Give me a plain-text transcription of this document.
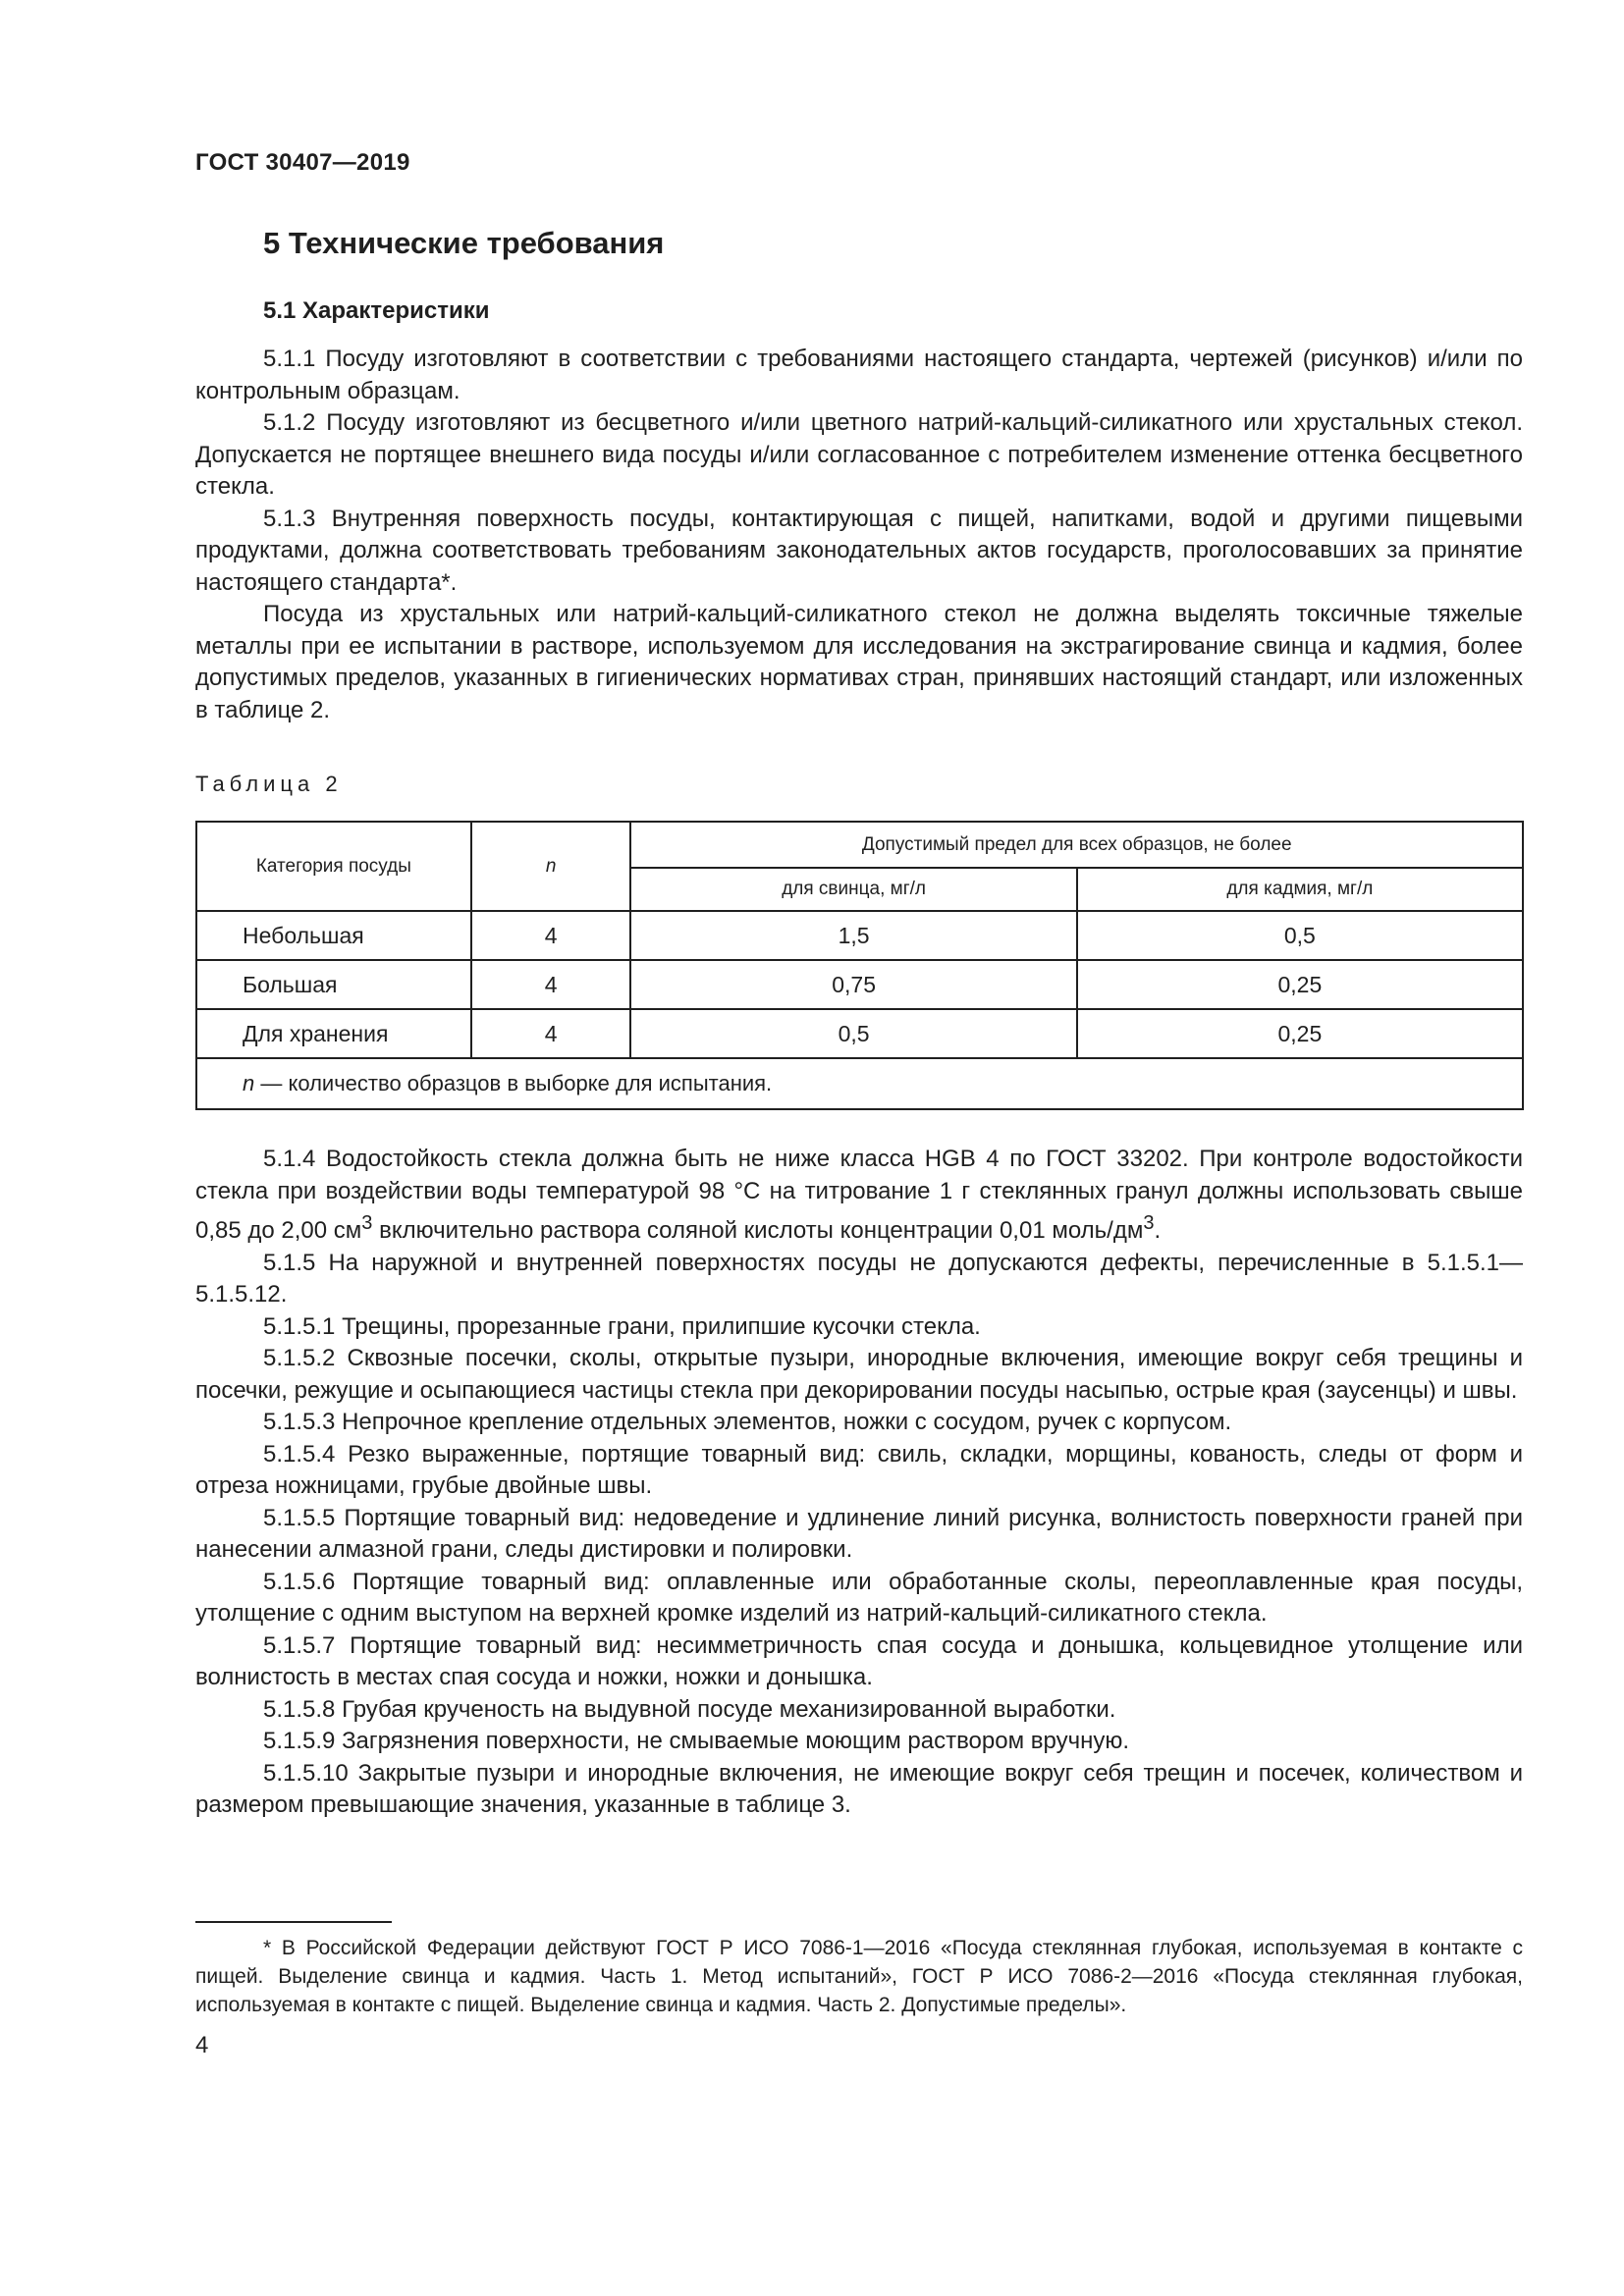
ГОСТ 30407—2019
5 Технические требования
5.1 Характеристики

5.1.1 Посуду изготовляют в соответствии с требованиями настоящего стандарта, чертежей (рисунков) и/или по контрольным образцам.

5.1.2 Посуду изготовляют из бесцветного и/или цветного натрий-кальций-силикатного или хрустальных стекол. Допускается не портящее внешнего вида посуды и/или согласованное с потребителем изменение оттенка бесцветного стекла.

5.1.3 Внутренняя поверхность посуды, контактирующая с пищей, напитками, водой и другими пищевыми продуктами, должна соответствовать требованиям законодательных актов государств, проголосовавших за принятие настоящего стандарта*.

Посуда из хрустальных или натрий-кальций-силикатного стекол не должна выделять токсичные тяжелые металлы при ее испытании в растворе, используемом для исследования на экстрагирование свинца и кадмия, более допустимых пределов, указанных в гигиенических нормативах стран, принявших настоящий стандарт, или изложенных в таблице 2.

Таблица 2
Категория посуды	n	Допустимый предел для всех образцов, не более	
		для свинца, мг/л	для кадмия, мг/л
Небольшая	4	1,5	0,5
Большая	4	0,75	0,25
Для хранения	4	0,5	0,25
n — количество образцов в выборке для испытания.			

5.1.4 Водостойкость стекла должна быть не ниже класса HGB 4 по ГОСТ 33202. При контроле водостойкости стекла при воздействии воды температурой 98 °С на титрование 1 г стеклянных гранул должны использовать свыше 0,85 до 2,00 $см^3$ включительно раствора соляной кислоты концентрации 0,01 моль/$дм^3$.

5.1.5 На наружной и внутренней поверхностях посуды не допускаются дефекты, перечисленные в 5.1.5.1—5.1.5.12.

5.1.5.1 Трещины, прорезанные грани, прилипшие кусочки стекла.

5.1.5.2 Сквозные посечки, сколы, открытые пузыри, инородные включения, имеющие вокруг себя трещины и посечки, режущие и осыпающиеся частицы стекла при декорировании посуды насыпью, острые края (заусенцы) и швы.

5.1.5.3 Непрочное крепление отдельных элементов, ножки с сосудом, ручек с корпусом.

5.1.5.4 Резко выраженные, портящие товарный вид: свиль, складки, морщины, кованость, следы от форм и отреза ножницами, грубые двойные швы.

5.1.5.5 Портящие товарный вид: недоведение и удлинение линий рисунка, волнистость поверхности граней при нанесении алмазной грани, следы дистировки и полировки.

5.1.5.6 Портящие товарный вид: оплавленные или обработанные сколы, переоплавленные края посуды, утолщение с одним выступом на верхней кромке изделий из натрий-кальций-силикатного стекла.

5.1.5.7 Портящие товарный вид: несимметричность спая сосуда и донышка, кольцевидное утолщение или волнистость в местах спая сосуда и ножки, ножки и донышка.

5.1.5.8 Грубая крученость на выдувной посуде механизированной выработки.

5.1.5.9 Загрязнения поверхности, не смываемые моющим раствором вручную.

5.1.5.10 Закрытые пузыри и инородные включения, не имеющие вокруг себя трещин и посечек, количеством и размером превышающие значения, указанные в таблице 3.

* В Российской Федерации действуют ГОСТ Р ИСО 7086-1—2016 «Посуда стеклянная глубокая, используемая в контакте с пищей. Выделение свинца и кадмия. Часть 1. Метод испытаний», ГОСТ Р ИСО 7086-2—2016 «Посуда стеклянная глубокая, используемая в контакте с пищей. Выделение свинца и кадмия. Часть 2. Допустимые пределы».

4
